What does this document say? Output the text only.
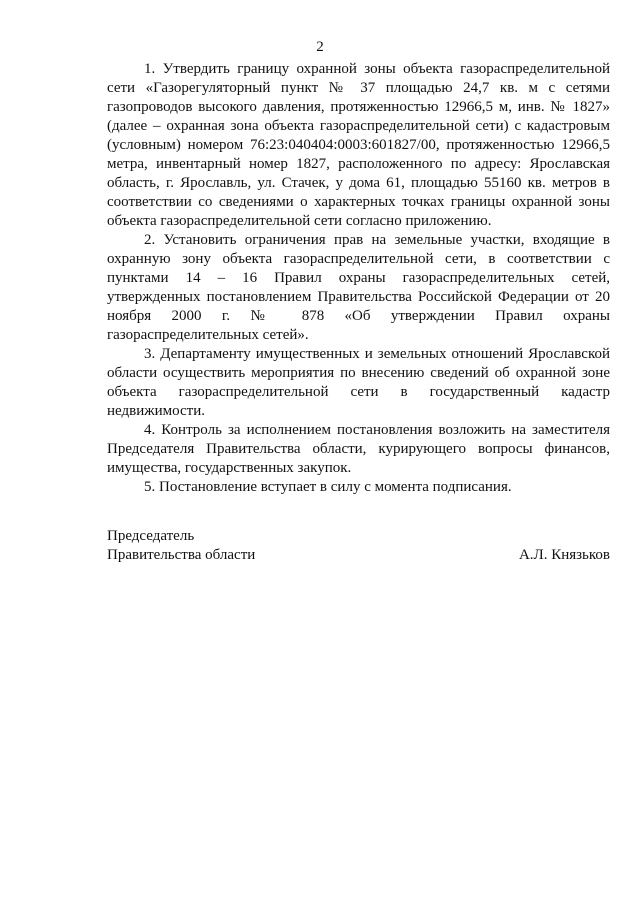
2

1. Утвердить границу охранной зоны объекта газораспределительной сети «Газорегуляторный пункт № 37 площадью 24,7 кв. м с сетями газопроводов высокого давления, протяженностью 12966,5 м, инв. № 1827» (далее – охранная зона объекта газораспределительной сети) с кадастровым (условным) номером 76:23:040404:0003:601827/00, протяженностью 12966,5 метра, инвентарный номер 1827, расположенного по адресу: Ярославская область, г. Ярославль, ул. Стачек, у дома 61, площадью 55160 кв. метров в соответствии со сведениями о характерных точках границы охранной зоны объекта газораспределительной сети согласно приложению.

2. Установить ограничения прав на земельные участки, входящие в охранную зону объекта газораспределительной сети, в соответствии с пунктами 14 – 16 Правил охраны газораспределительных сетей, утвержденных постановлением Правительства Российской Федерации от 20 ноября 2000 г. № 878 «Об утверждении Правил охраны газораспределительных сетей».

3. Департаменту имущественных и земельных отношений Ярославской области осуществить мероприятия по внесению сведений об охранной зоне объекта газораспределительной сети в государственный кадастр недвижимости.

4. Контроль за исполнением постановления возложить на заместителя Председателя Правительства области, курирующего вопросы финансов, имущества, государственных закупок.

5. Постановление вступает в силу с момента подписания.

Председатель
Правительства области	А.Л. Князьков
